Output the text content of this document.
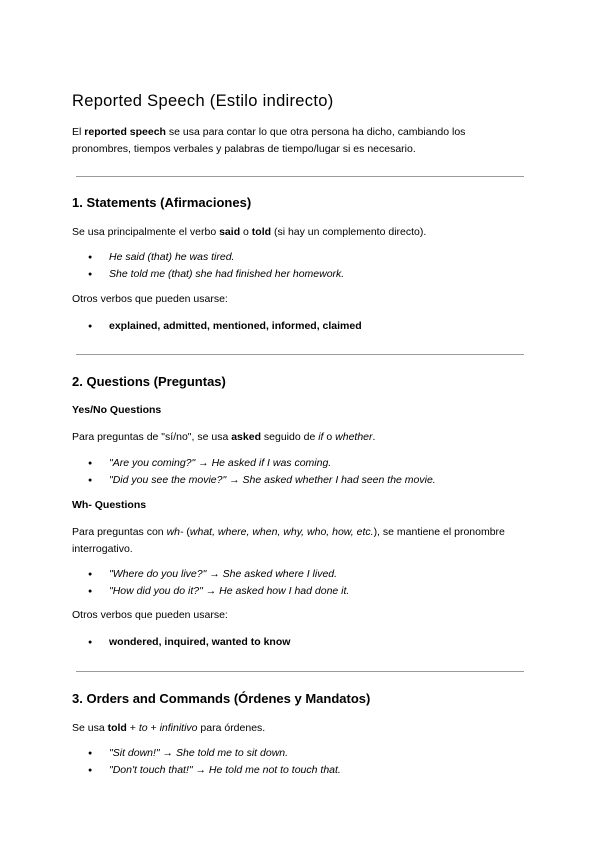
Reported Speech (Estilo indirecto)

El reported speech se usa para contar lo que otra persona ha dicho, cambiando los pronombres, tiempos verbales y palabras de tiempo/lugar si es necesario.

1. Statements (Afirmaciones)

Se usa principalmente el verbo said o told (si hay un complemento directo).

● He said (that) he was tired.
● She told me (that) she had finished her homework.

Otros verbos que pueden usarse:

● explained, admitted, mentioned, informed, claimed
2. Questions (Preguntas)
Yes/No Questions

Para preguntas de "sí/no", se usa asked seguido de if o whether.

● "Are you coming?" → He asked if I was coming.
● "Did you see the movie?" → She asked whether I had seen the movie.
Wh- Questions

Para preguntas con wh- (what, where, when, why, who, how, etc.), se mantiene el pronombre interrogativo.

● "Where do you live?" → She asked where I lived.
● "How did you do it?" → He asked how I had done it.

Otros verbos que pueden usarse:

● wondered, inquired, wanted to know
3. Orders and Commands (Órdenes y Mandatos)

Se usa told + to + infinitivo para órdenes.

● "Sit down!" → She told me to sit down.
● "Don't touch that!" → He told me not to touch that.
